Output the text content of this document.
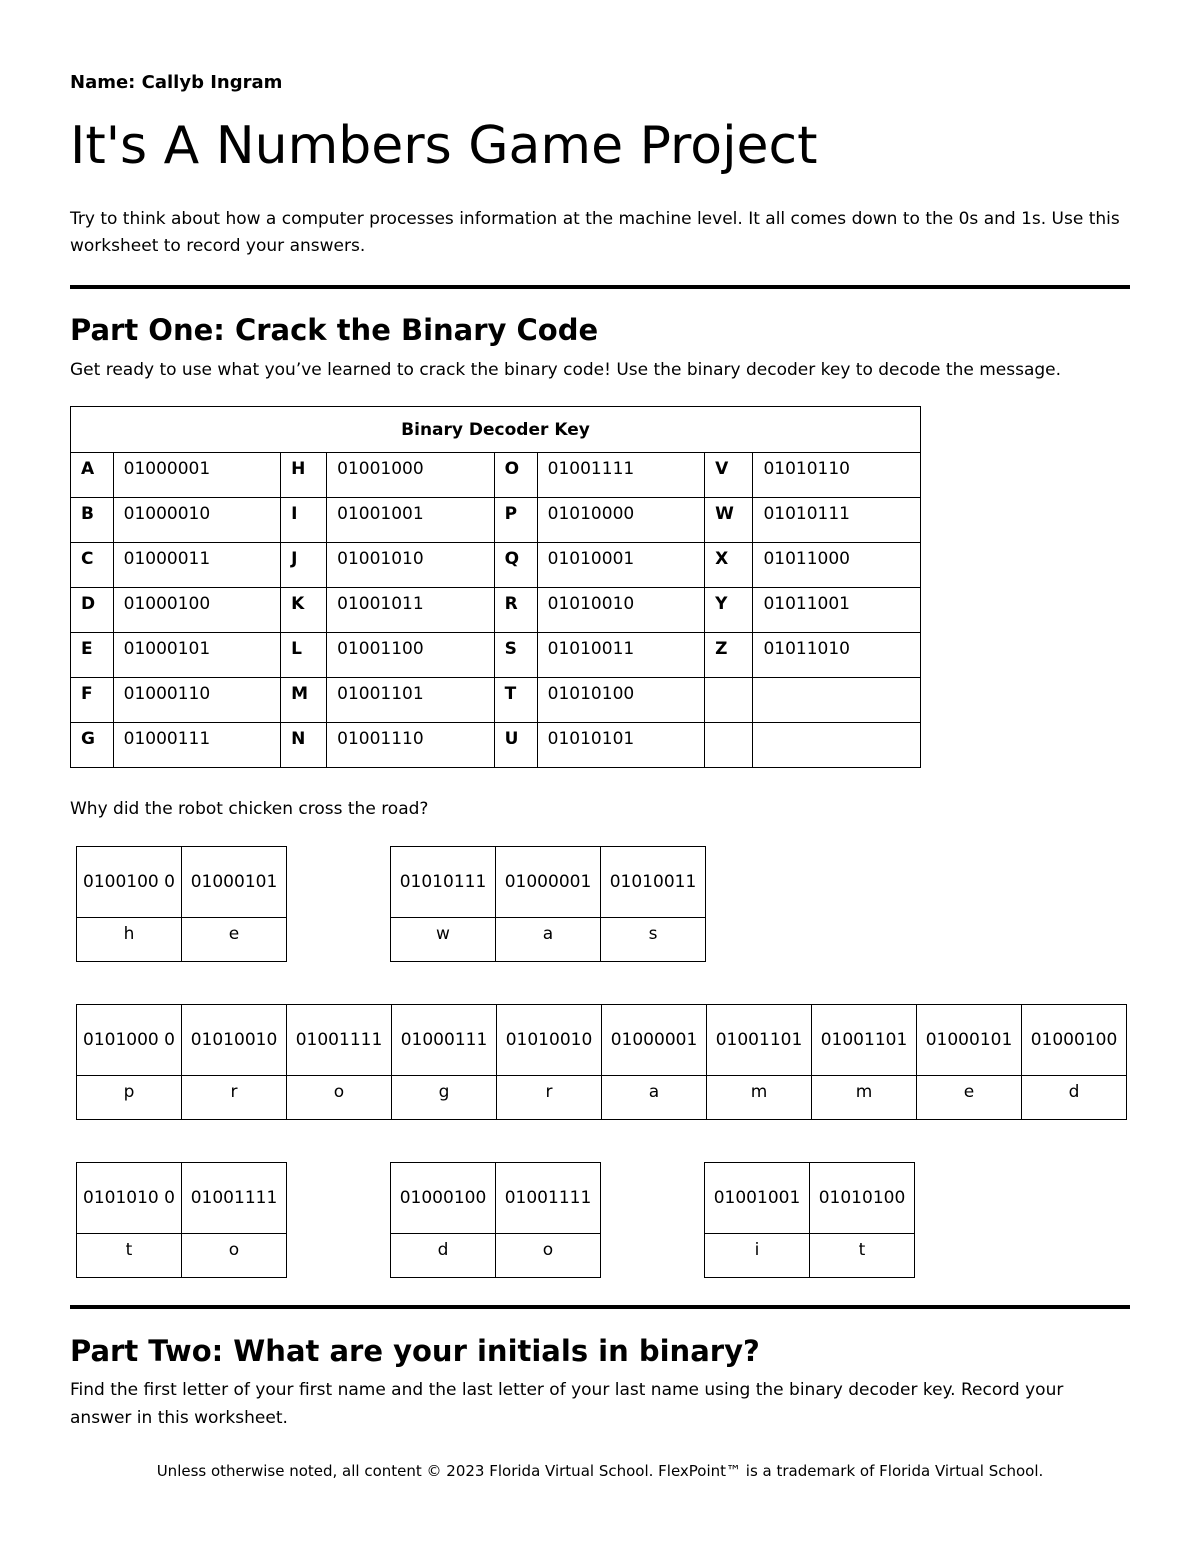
Name: Callyb Ingram
It's A Numbers Game Project
Try to think about how a computer processes information at the machine level. It all comes down to the 0s and 1s. Use this worksheet to record your answers.
Part One: Crack the Binary Code
Get ready to use what you’ve learned to crack the binary code! Use the binary decoder key to decode the message.
Binary Decoder Key							
A	01000001	H	01001000	O	01001111	V	01010110
B	01000010	I	01001001	P	01010000	W	01010111
C	01000011	J	01001010	Q	01010001	X	01011000
D	01000100	K	01001011	R	01010010	Y	01011001
E	01000101	L	01001100	S	01010011	Z	01011010
F	01000110	M	01001101	T	01010100		
G	01000111	N	01001110	U	01010101		
Why did the robot chicken cross the road?
0100100 0	01000101
h	e
01010111	01000001	01010011
w	a	s
0101000 0	01010010	01001111	01000111	01010010	01000001	01001101	01001101	01000101	01000100
p	r	o	g	r	a	m	m	e	d
0101010 0	01001111
t	o
01000100	01001111
d	o
01001001	01010100
i	t
Part Two: What are your initials in binary?
Find the first letter of your first name and the last letter of your last name using the binary decoder key. Record your answer in this worksheet.
Unless otherwise noted, all content © 2023 Florida Virtual School. FlexPoint™ is a trademark of Florida Virtual School.
